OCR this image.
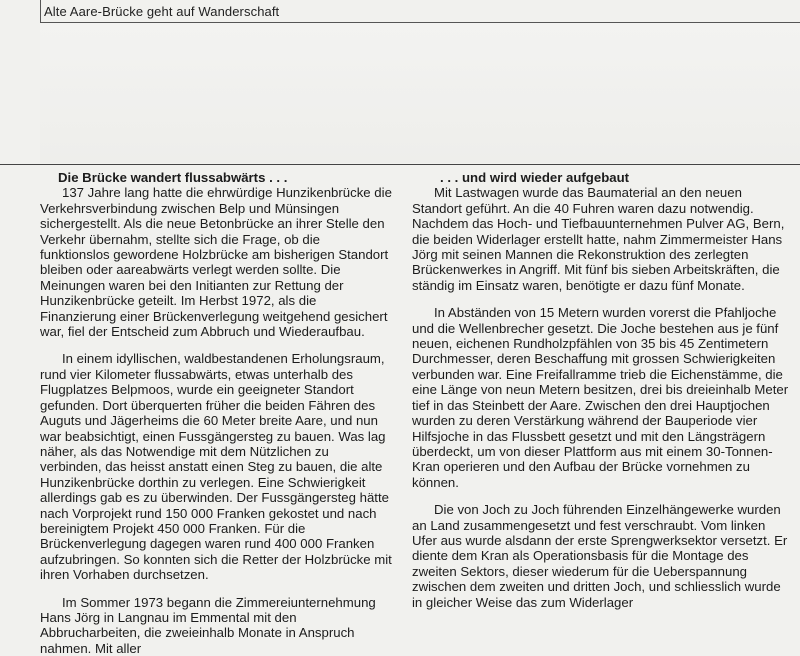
Alte Aare-Brücke geht auf Wanderschaft
Die Brücke wandert flussabwärts . . .

137 Jahre lang hatte die ehrwürdige Hunzikenbrücke die Verkehrsverbindung zwischen Belp und Münsingen sichergestellt. Als die neue Betonbrücke an ihrer Stelle den Verkehr übernahm, stellte sich die Frage, ob die funktionslos gewordene Holzbrücke am bisherigen Standort bleiben oder aareabwärts verlegt werden sollte. Die Meinungen waren bei den Initianten zur Rettung der Hunzikenbrücke geteilt. Im Herbst 1972, als die Finanzierung einer Brückenverlegung weitgehend gesichert war, fiel der Entscheid zum Abbruch und Wiederaufbau.

In einem idyllischen, waldbestandenen Erholungsraum, rund vier Kilometer flussabwärts, etwas unterhalb des Flugplatzes Belpmoos, wurde ein geeigneter Standort gefunden. Dort überquerten früher die beiden Fähren des Auguts und Jägerheims die 60 Meter breite Aare, und nun war beabsichtigt, einen Fussgängersteg zu bauen. Was lag näher, als das Notwendige mit dem Nützlichen zu verbinden, das heisst anstatt einen Steg zu bauen, die alte Hunzikenbrücke dorthin zu verlegen. Eine Schwierigkeit allerdings gab es zu überwinden. Der Fussgängersteg hätte nach Vorprojekt rund 150 000 Franken gekostet und nach bereinigtem Projekt 450 000 Franken. Für die Brückenverlegung dagegen waren rund 400 000 Franken aufzubringen. So konnten sich die Retter der Holzbrücke mit ihren Vorhaben durchsetzen.

Im Sommer 1973 begann die Zimmereiunternehmung Hans Jörg in Langnau im Emmental mit den Abbrucharbeiten, die zweieinhalb Monate in Anspruch nahmen. Mit aller

. . . und wird wieder aufgebaut

Mit Lastwagen wurde das Baumaterial an den neuen Standort geführt. An die 40 Fuhren waren dazu notwendig. Nachdem das Hoch- und Tiefbauunternehmen Pulver AG, Bern, die beiden Widerlager erstellt hatte, nahm Zimmermeister Hans Jörg mit seinen Mannen die Rekonstruktion des zerlegten Brückenwerkes in Angriff. Mit fünf bis sieben Arbeitskräften, die ständig im Einsatz waren, benötigte er dazu fünf Monate.

In Abständen von 15 Metern wurden vorerst die Pfahljoche und die Wellenbrecher gesetzt. Die Joche bestehen aus je fünf neuen, eichenen Rundholzpfählen von 35 bis 45 Zentimetern Durchmesser, deren Beschaffung mit grossen Schwierigkeiten verbunden war. Eine Freifallramme trieb die Eichenstämme, die eine Länge von neun Metern besitzen, drei bis dreieinhalb Meter tief in das Steinbett der Aare. Zwischen den drei Hauptjochen wurden zu deren Verstärkung während der Bauperiode vier Hilfsjoche in das Flussbett gesetzt und mit den Längsträgern überdeckt, um von dieser Plattform aus mit einem 30-Tonnen-Kran operieren und den Aufbau der Brücke vornehmen zu können.

Die von Joch zu Joch führenden Einzelhängewerke wurden an Land zusammengesetzt und fest verschraubt. Vom linken Ufer aus wurde alsdann der erste Sprengwerksektor versetzt. Er diente dem Kran als Operationsbasis für die Montage des zweiten Sektors, dieser wiederum für die Ueberspannung zwischen dem zweiten und dritten Joch, und schliesslich wurde in gleicher Weise das zum Widerlager
